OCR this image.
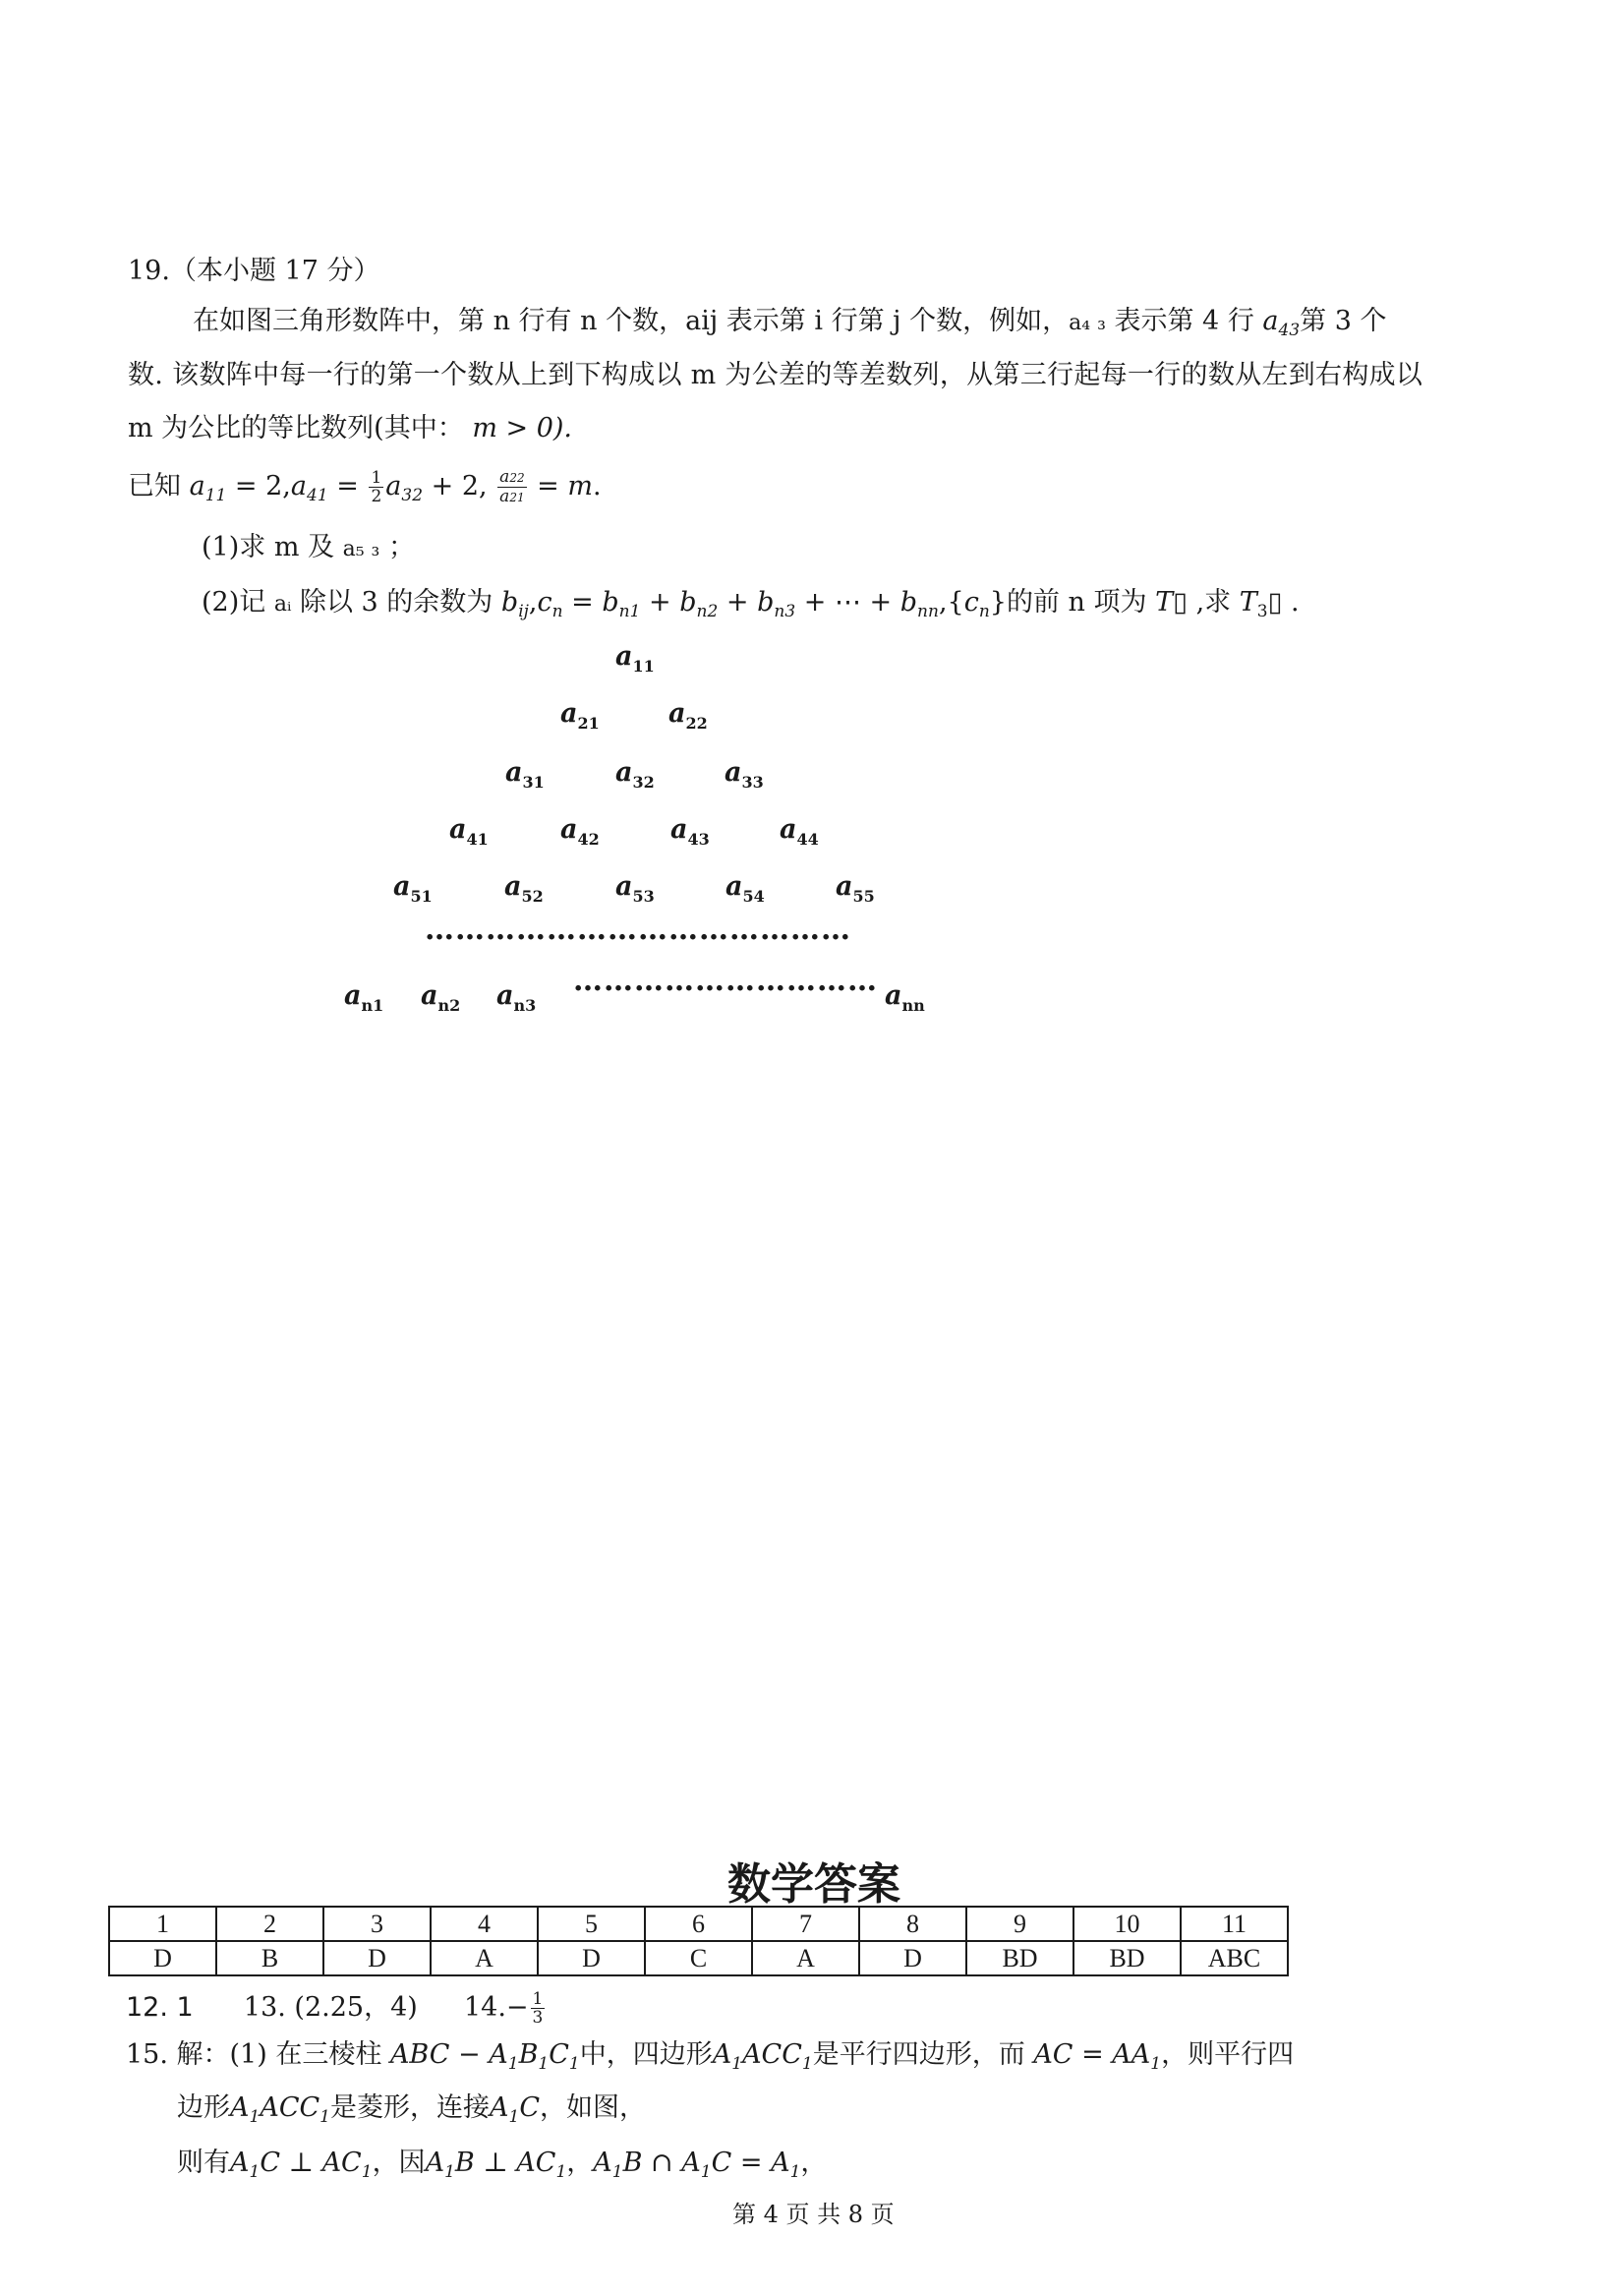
19.（本小题 17 分）
在如图三角形数阵中，第 n 行有 n 个数，aij 表示第 i 行第 j 个数，例如，a₄ ₃ 表示第 4 行 $a_{43}$第 3 个
数. 该数阵中每一行的第一个数从上到下构成以 m 为公差的等差数列，从第三行起每一行的数从左到右构成以
m 为公比的等比数列(其中： m > 0).
已知 $a_{11} = 2,a_{41} = \frac{1}{2} a_{32} + 2$, $\frac{a22}{a21} = m$.
(1)求 m 及 a₅ ₃ ；
(2)记 aᵢ 除以 3 的余数为 $b_{ij},c_n = b_{n1} + b_{n2} + b_{n3}$ + ⋯ + $b_{nn},\{c_n\}$的前 n 项为 T▯ ,求 $T_3▯$ .
$a_{11}$
$a_{21}$	$a_{22}$
$a_{31}$	$a_{32}$	$a_{33}$
$a_{41}$	$a_{42}$	$a_{43}$	$a_{44}$
$a_{51}$	$a_{52}$	$a_{53}$	$a_{54}$	$a_{55}$
……………………………………
$a_{n1}$ $a_{n2}$ $a_{n3}$
………………………… $a_{nn}$
数学答案
1	2	3	4	5	6	7	8	9	10	11
D	B	D	A	D	C	A	D	BD	BD	ABC
12. 1 13. (2.25，4) $14.- \frac{1}{3}$
15. 解：(1) 在三棱柱 ABC − $A_1B_1C_1$中，四边形$A_1ACC_1$是平行四边形，而 AC = $AA_1$，则平行四
边形$A_1ACC_1$是菱形，连接$A_1C$，如图，
则有$A_1C$ ⊥ $AC_1$，因$A_1B$ ⊥ $AC_1$，$A_1B$ ∩ $A_1C = A_1$，
第 4 页 共 8 页
